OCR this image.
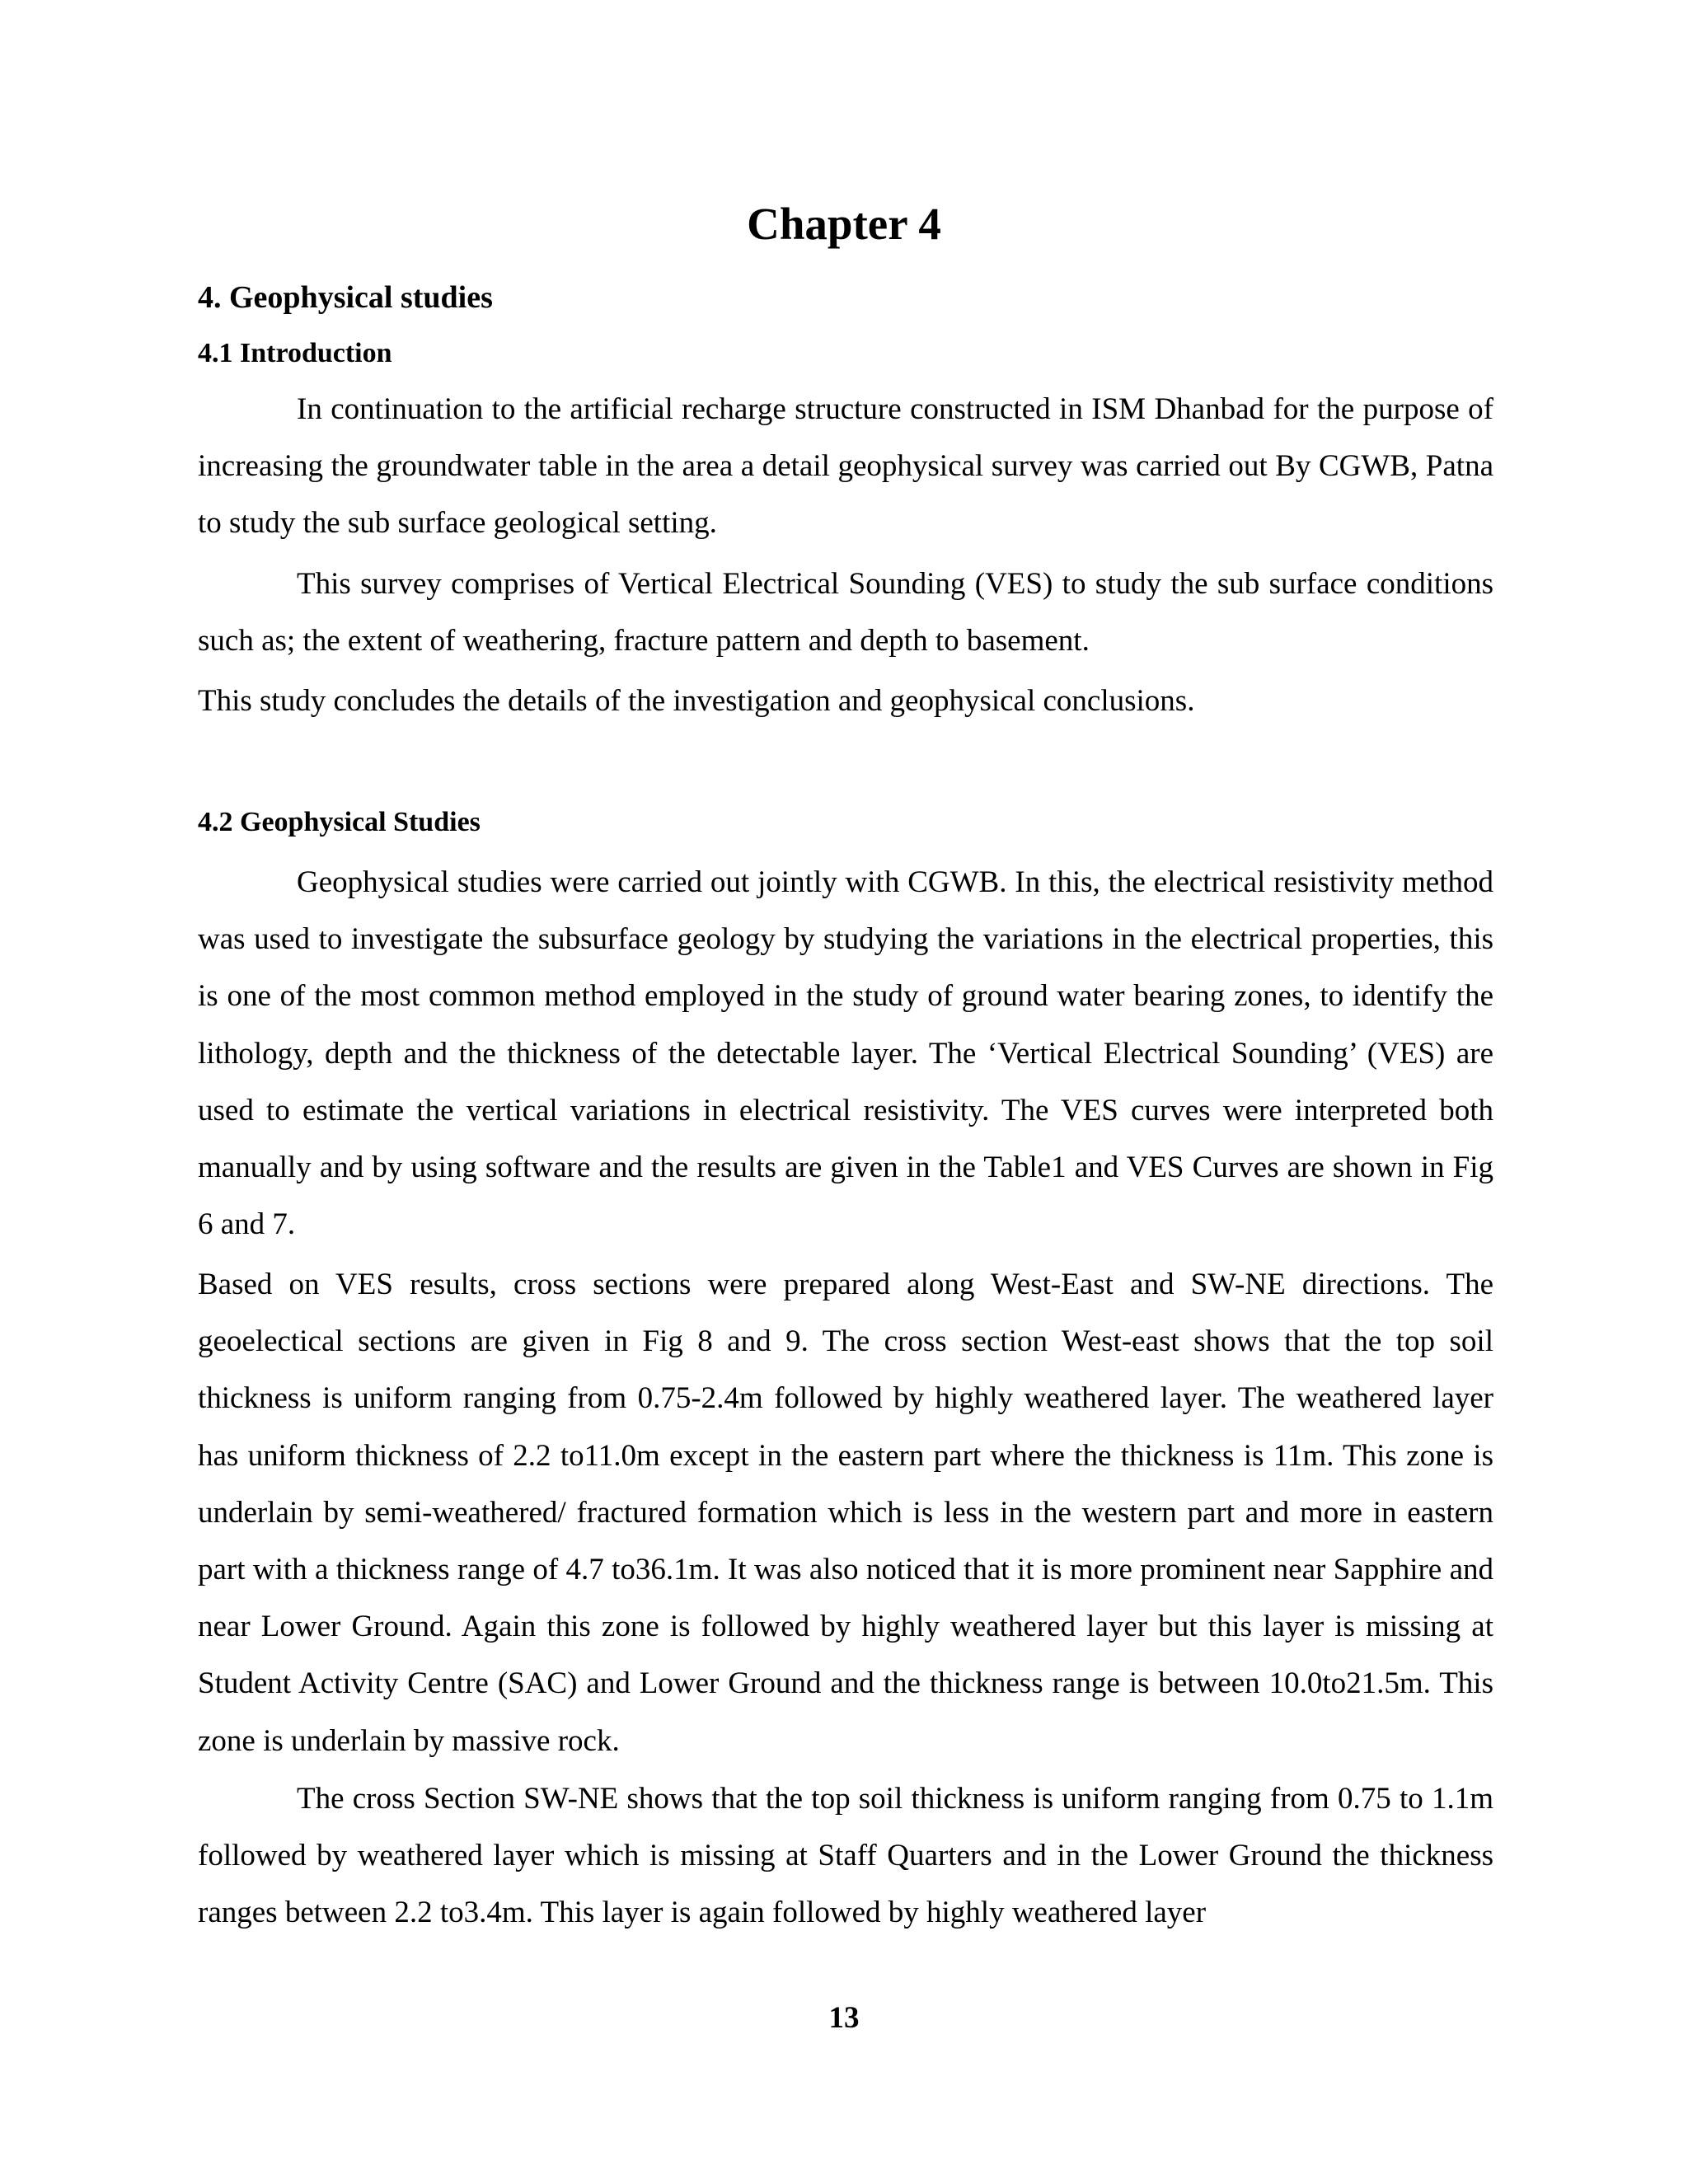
Chapter 4
4. Geophysical studies
4.1 Introduction

In continuation to the artificial recharge structure constructed in ISM Dhanbad for the purpose of increasing the groundwater table in the area a detail geophysical survey was carried out By CGWB, Patna to study the sub surface geological setting.

This survey comprises of Vertical Electrical Sounding (VES) to study the sub surface conditions such as; the extent of weathering, fracture pattern and depth to basement.

This study concludes the details of the investigation and geophysical conclusions.

4.2 Geophysical Studies

Geophysical studies were carried out jointly with CGWB. In this, the electrical resistivity method was used to investigate the subsurface geology by studying the variations in the electrical properties, this is one of the most common method employed in the study of ground water bearing zones, to identify the lithology, depth and the thickness of the detectable layer. The ‘Vertical Electrical Sounding’ (VES) are used to estimate the vertical variations in electrical resistivity. The VES curves were interpreted both manually and by using software and the results are given in the Table1 and VES Curves are shown in Fig 6 and 7.

Based on VES results, cross sections were prepared along West-East and SW-NE directions. The geoelectical sections are given in Fig 8 and 9. The cross section West-east shows that the top soil thickness is uniform ranging from 0.75-2.4m followed by highly weathered layer. The weathered layer has uniform thickness of 2.2 to11.0m except in the eastern part where the thickness is 11m. This zone is underlain by semi-weathered/ fractured formation which is less in the western part and more in eastern part with a thickness range of 4.7 to36.1m. It was also noticed that it is more prominent near Sapphire and near Lower Ground. Again this zone is followed by highly weathered layer but this layer is missing at Student Activity Centre (SAC) and Lower Ground and the thickness range is between 10.0to21.5m. This zone is underlain by massive rock.

The cross Section SW-NE shows that the top soil thickness is uniform ranging from 0.75 to 1.1m followed by weathered layer which is missing at Staff Quarters and in the Lower Ground the thickness ranges between 2.2 to3.4m. This layer is again followed by highly weathered layer

13
